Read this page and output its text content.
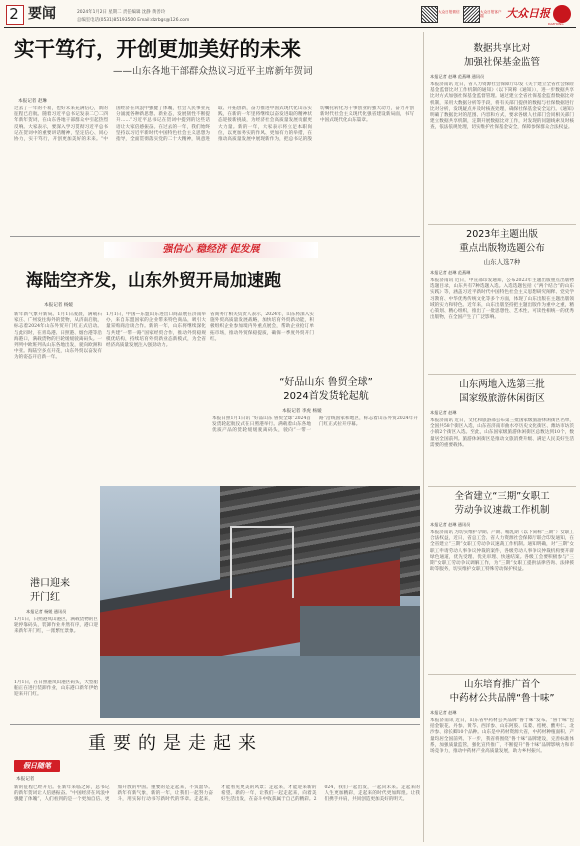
2 要闻	2024年1月2日 星期二 责任编辑 沈静 黄善玲
总编室电话(0531)85193500 Email:dzrbgs@126.com
大众日报微信	大众日报客户端	大众日报
DAZHONG
实干笃行，开创更加美好的未来
——山东各地干部群众热议习近平主席新年贺词
本报记者 赵琳
过去了一年的不易，也好未来充满信心，新的征程已启航。随着习近平总书记发表二〇二四年新年贺词，在山东各地干部群众中引起热烈反响。大家表示，要深入学习贯彻习近平总书记在贺词中的重要讲话精神，坚定信心、同心协力，实干笃行，开创更加美好的未来。“中国经济在风浪中强健了体魄，社会人民事业充分涌流各种新思想、新业态，发展韧性不断提升……”习近平总书记在贺词中提到的这些话语让大家倍感振奋。在过去的一年，我们始终坚持以习近平新时代中国特色社会主义思想为指导，全面贯彻落实党的二十大精神，锐意进取、开拓创新，奋力推进中国式现代化山东实践，在新的一年里将继续以奋发进取的精神状态迎接新挑战，为经济社会高质量发展贡献更大力量。新的一年，大家表示将立足本职岗位，以更加务实的作风、更加有力的举措，在推动高质量发展中展现新作为，把总书记的殷切嘱托转化为干事创业的强大动力，奋力开创新时代社会主义现代化强省建设新局面，书写中国式现代化山东篇章。
强信心 稳经济 促发展
海陆空齐发，山东外贸开局加速跑
本报记者 杨媛
新年新气象开新局。1月1日凌晨，满载石家庄、广州发往海外的货物，从济南启航，标志着2024年山东外贸开门红正式启动。与此同时，在青岛港、日照港、烟台港等沿海港口，满载货物的巨轮缓缓驶离码头。一列列中欧班列从山东各地出发，驶向欧洲和中亚。海陆空多点开花，山东外贸以奋发有为的姿态开启新一年。
1月1日，中国—东盟山东进出口商品展在济南举办，来自东盟国家的企业带来特色商品，吸引大量采购商洽谈合作。新的一年，山东将继续深化与共建“一带一路”国家经贸合作，推动外贸稳规模优结构，持续培育外贸新业态新模式，为全省经济高质量发展注入强劲动力。
省商务厅相关负责人表示，2024年，山东将深入实施外贸高质量发展战略，加快培育外贸新动能，积极组织企业参加境内外重点展会，帮助企业抢订单拓市场，推动外贸保稳提质，确保一季度外贸开门红。
“好品山东 鲁贸全球”
2024首发货轮起航
本报记者 李虎 杨媛
本报日照1月1日讯 “好品山东 鲁贸全球”2024首发货轮起航仪式在日照港举行。满载着山东各地优质产品的货轮缓缓驶离码头，驶向“一带一路”沿线国家和地区，标志着山东外贸2024年开门红正式拉开序幕。
港口迎来
开门红
本报记者 杨媛 通讯员
1月1日，日照港岚山港区，满载货物的巨轮停靠码头，装卸作业井然有序，港口迎来新年开门红，一派繁忙景象。
1月1日，在日照港岚山港区码头，大型船舶正在进行装卸作业，山东港口新年伊始迎来开门红。
重要的是走起来
假日随笔
本报记者
新的征程已经开启。在新年来临之际，总书记的新年贺词让人倍感振奋。“中国经济在风浪中强健了体魄”，人们看到的是一个更加自信、更加开放的中国。重要的是走起来，不负韶华。新年有新气象，新的一年，让我们一起努力奋斗，用实际行动书写新时代的华章。走起来，才能看见更美的风景；走起来，才能迎来新的希望。新的一年，让我们一起走起来，向着美好生活出发，在奋斗中收获属于自己的精彩。2024，我们一起出发，一起向未来。走起来的人生更加精彩，走起来的时代更加辉煌。让我们携手并肩，共同创造更加美好的明天。
数据共享比对
加强社保基金监管
本报记者 赵琳 范燕琳 通讯员
本报济南讯 近日，省人力资源社会保障厅印发《关于建立全省社会保险基金监督比对工作机制的通知》（以下简称《通知》），进一步数据共享比对方式加强社保基金监督管理。通过建立全省社保基金监督数据比对机制，采用大数据分析等手段，将有关部门提供的数据与社保数据进行比对分析，发现疑点并及时核查处理，确保社保基金安全运行。《通知》明确了数据比对的范围、内容和方式，要求各级人社部门会同相关部门建立数据共享机制，定期开展数据比对工作，对发现的问题线索及时核查，依法依规处理，切实维护社保基金安全，保障参保群众合法权益。
2023年主题出版
重点出版物选题公布
山东人选7种
本报记者 赵琳 范燕琳
本报济南讯 近日，中宣部印发通知，公布2023年主题出版重点出版物选题目录，山东共有7种选题入选。入选选题包括《“两个结合”的山东实践》等，涵盖习近平新时代中国特色社会主义思想研究阐释、党史学习教育、中华优秀传统文化等多个方面，体现了山东出版在主题出版领域的实力和特色。近年来，山东出版坚持把主题出版作为重中之重，精心策划、精心组织，推出了一批思想性、艺术性、可读性相统一的优秀出版物，在全国产生了广泛影响。
山东两地入选第三批
国家级旅游休闲街区
本报记者 赵琳
本报济南讯 近日，文化和旅游部公布第三批国家级旅游休闲街区名单，全国共58个街区入选，山东省济南市曲水亭历史文化街区、潍坊市坊茨小镇2个街区入选。至此，山东国家级旅游休闲街区总数达到10个，数量居全国前列。旅游休闲街区是推动文旅消费升级、满足人民美好生活需要的重要载体。
全省建立“三期”女职工
劳动争议速裁工作机制
本报记者 赵琳 通讯员
本报济南讯 为切实维护孕期、产期、哺乳期（以下简称“三期”）女职工合法权益，近日，省总工会、省人力资源社会保障厅联合印发通知，在全省建立“三期”女职工劳动争议速裁工作机制。通知明确，对“三期”女职工申请劳动人事争议仲裁的案件，各级劳动人事争议仲裁机构要开辟绿色通道，优先受理、优先审理、快速结案。各级工会要积极参与“三期”女职工劳动争议调解工作，为“三期”女职工提供法律咨询、法律援助等服务，切实维护女职工特殊劳动保护权益。
山东培育推广首个
中药材公共品牌“鲁十味”
本报记者 赵琳
本报济南讯 近日，山东省中药材公共品牌“鲁十味”发布。“鲁十味”包括金银花、丹参、黄芩、西洋参、山东阿胶、瓜蒌、桔梗、酸枣仁、北沙参、徐长卿10个品种。山东是中药材资源大省，中药材种植面积、产量均居全国前列。下一步，我省将围绕“鲁十味”品牌建设，完善标准体系，加强质量监管，强化宣传推广，不断提升“鲁十味”品牌影响力和市场竞争力，推动中药材产业高质量发展，助力乡村振兴。
